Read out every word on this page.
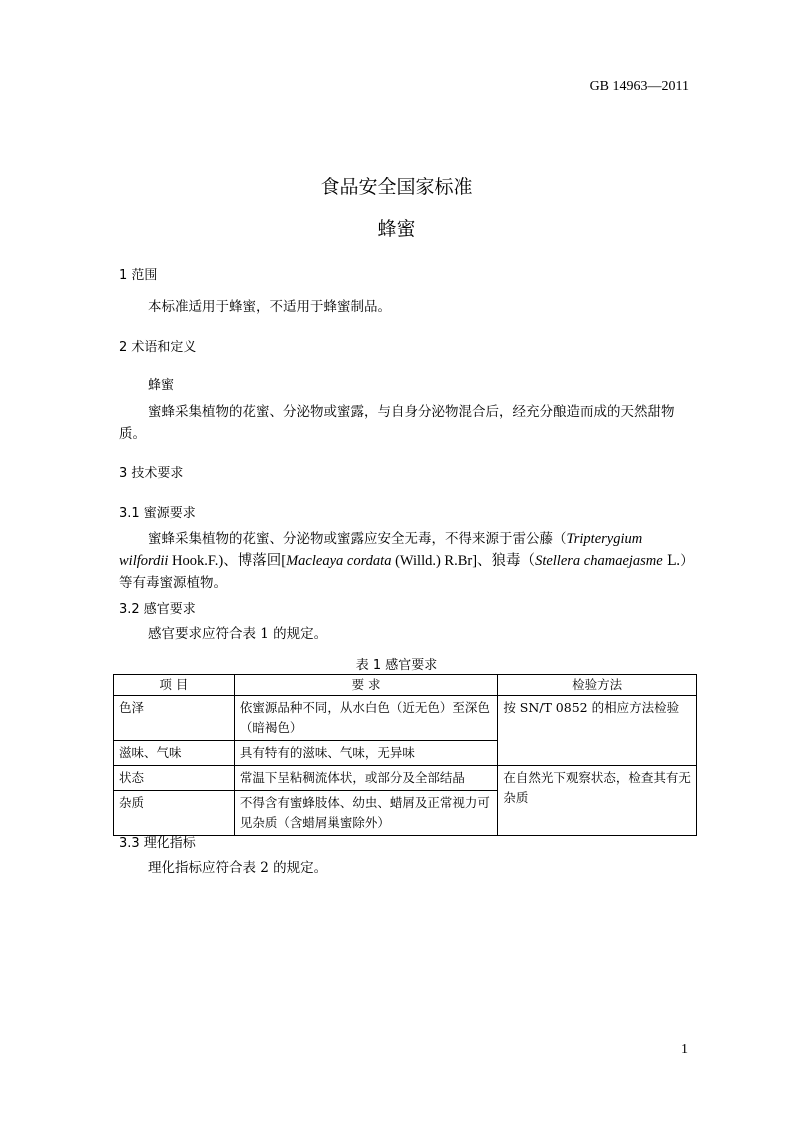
GB 14963—2011
食品安全国家标准
蜂蜜
1 范围
本标准适用于蜂蜜，不适用于蜂蜜制品。
2 术语和定义
蜂蜜
蜜蜂采集植物的花蜜、分泌物或蜜露，与自身分泌物混合后，经充分酿造而成的天然甜物质。
3 技术要求
3.1 蜜源要求
蜜蜂采集植物的花蜜、分泌物或蜜露应安全无毒，不得来源于雷公藤（Tripterygium wilfordii Hook.F.)、博落回[Macleaya cordata (Willd.) R.Br]、狼毒（Stellera chamaejasme L.）等有毒蜜源植物。
3.2 感官要求
感官要求应符合表 1 的规定。
表 1 感官要求
项 目	要 求	检验方法
色泽	依蜜源品种不同，从水白色（近无色）至深色（暗褐色）	按 SN/T 0852 的相应方法检验
滋味、气味	具有特有的滋味、气味，无异味	
状态	常温下呈粘稠流体状，或部分及全部结晶	在自然光下观察状态，检查其有无杂质
杂质	不得含有蜜蜂肢体、幼虫、蜡屑及正常视力可见杂质（含蜡屑巢蜜除外）	
3.3 理化指标
理化指标应符合表 2 的规定。
1
